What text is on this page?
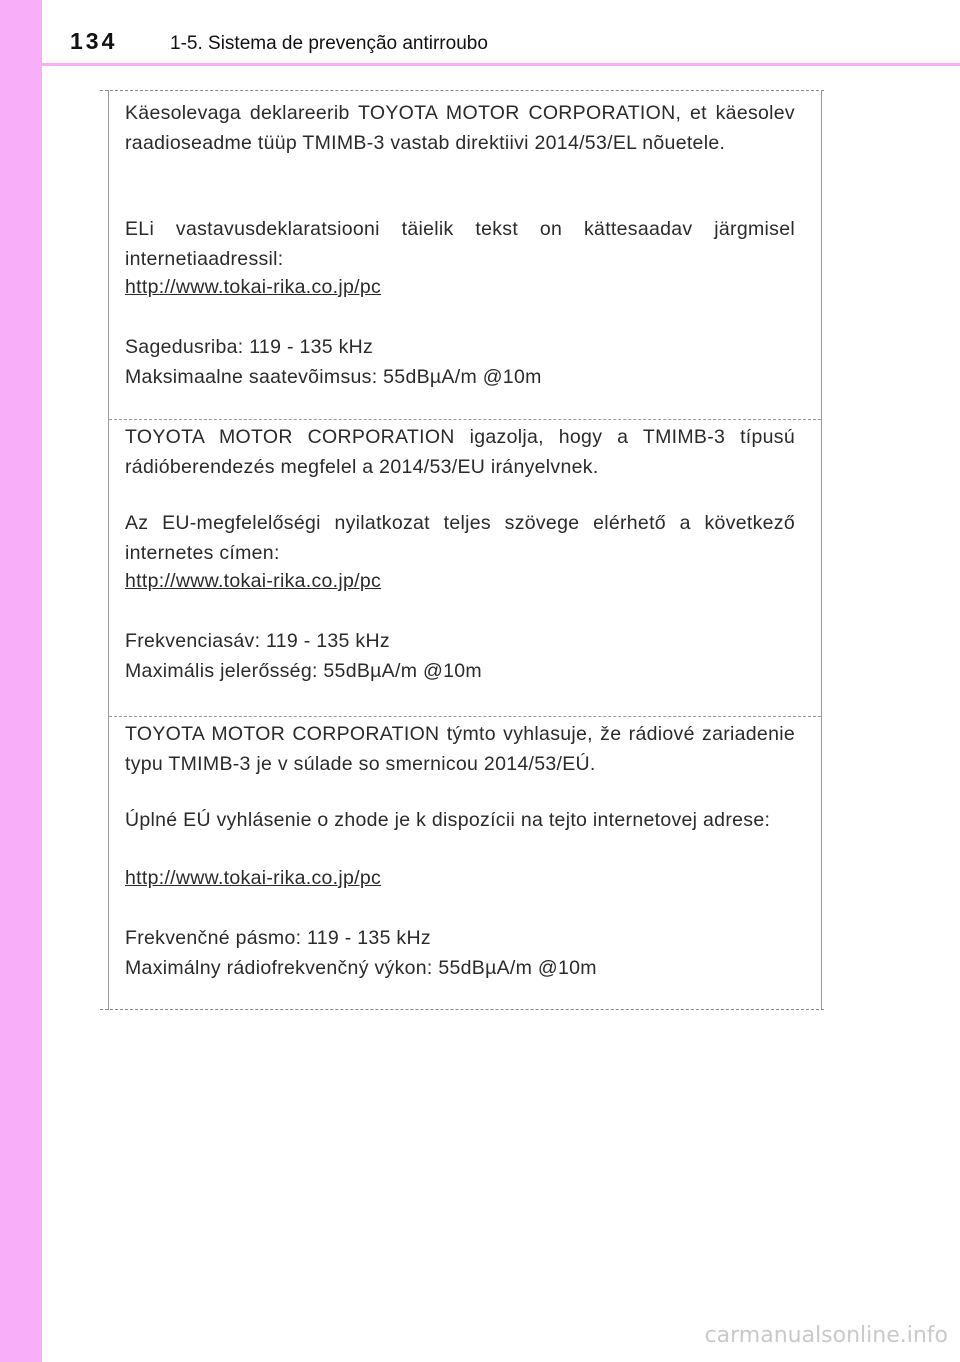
134	1-5. Sistema de prevenção antirroubo
Käesolevaga deklareerib TOYOTA MOTOR CORPORATION, et käesolev raadioseadme tüüp TMIMB-3 vastab direktiivi 2014/53/EL nõuetele.
ELi vastavusdeklaratsiooni täielik tekst on kättesaadav järgmisel internetiaadressil:
http://www.tokai-rika.co.jp/pc
Sagedusriba: 119 - 135 kHz
Maksimaalne saatevõimsus: 55dBµA/m @10m
TOYOTA MOTOR CORPORATION igazolja, hogy a TMIMB-3 típusú rádióberendezés megfelel a 2014/53/EU irányelvnek.
Az EU-megfelelőségi nyilatkozat teljes szövege elérhető a következő internetes címen:
http://www.tokai-rika.co.jp/pc
Frekvenciasáv: 119 - 135 kHz
Maximális jelerősség: 55dBµA/m @10m
TOYOTA MOTOR CORPORATION týmto vyhlasuje, že rádiové zariadenie typu TMIMB-3 je v súlade so smernicou 2014/53/EÚ.
Úplné EÚ vyhlásenie o zhode je k dispozícii na tejto internetovej adrese:
http://www.tokai-rika.co.jp/pc
Frekvenčné pásmo: 119 - 135 kHz
Maximálny rádiofrekvenčný výkon: 55dBµA/m @10m
carmanualsonline.info
